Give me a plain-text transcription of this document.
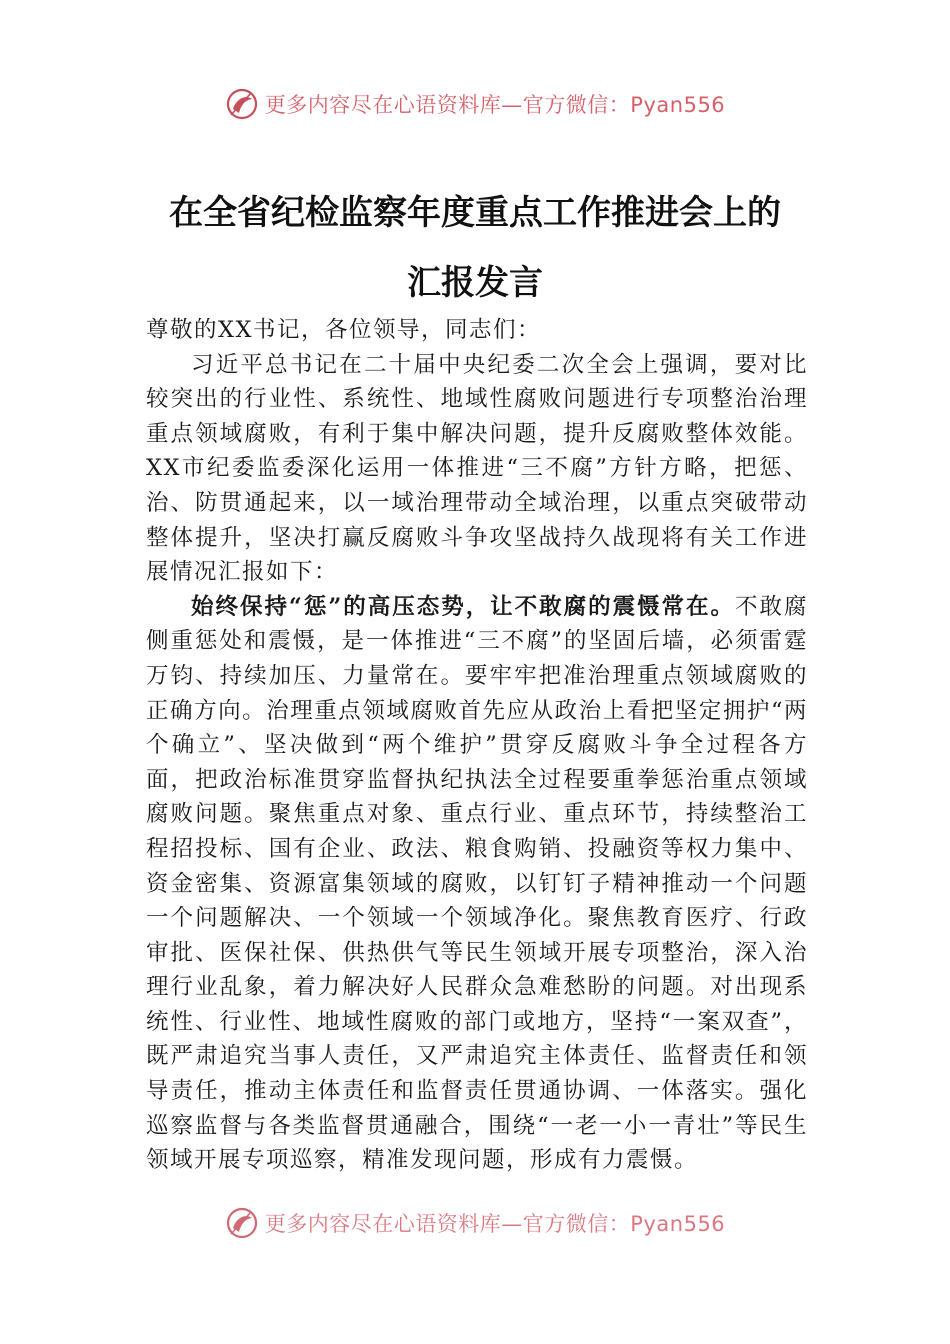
更多内容尽在心语资料库—官方微信：Pyan556
在全省纪检监察年度重点工作推进会上的
汇报发言

尊敬的XX书记，各位领导，同志们：

习近平总书记在二十届中央纪委二次全会上强调，要对比较突出的行业性、系统性、地域性腐败问题进行专项整治治理重点领域腐败，有利于集中解决问题，提升反腐败整体效能。XX市纪委监委深化运用一体推进“三不腐”方针方略，把惩、治、防贯通起来，以一域治理带动全域治理，以重点突破带动整体提升，坚决打赢反腐败斗争攻坚战持久战现将有关工作进展情况汇报如下：

始终保持“惩”的高压态势，让不敢腐的震慑常在。不敢腐侧重惩处和震慑，是一体推进“三不腐”的坚固后墙，必须雷霆万钧、持续加压、力量常在。要牢牢把准治理重点领域腐败的正确方向。治理重点领域腐败首先应从政治上看把坚定拥护“两个确立”、坚决做到“两个维护”贯穿反腐败斗争全过程各方面，把政治标准贯穿监督执纪执法全过程要重拳惩治重点领域腐败问题。聚焦重点对象、重点行业、重点环节，持续整治工程招投标、国有企业、政法、粮食购销、投融资等权力集中、资金密集、资源富集领域的腐败，以钉钉子精神推动一个问题一个问题解决、一个领域一个领域净化。聚焦教育医疗、行政审批、医保社保、供热供气等民生领域开展专项整治，深入治理行业乱象，着力解决好人民群众急难愁盼的问题。对出现系统性、行业性、地域性腐败的部门或地方，坚持“一案双查”，既严肃追究当事人责任，又严肃追究主体责任、监督责任和领导责任，推动主体责任和监督责任贯通协调、一体落实。强化巡察监督与各类监督贯通融合，围绕“一老一小一青壮”等民生领域开展专项巡察，精准发现问题，形成有力震慑。

更多内容尽在心语资料库—官方微信：Pyan556
